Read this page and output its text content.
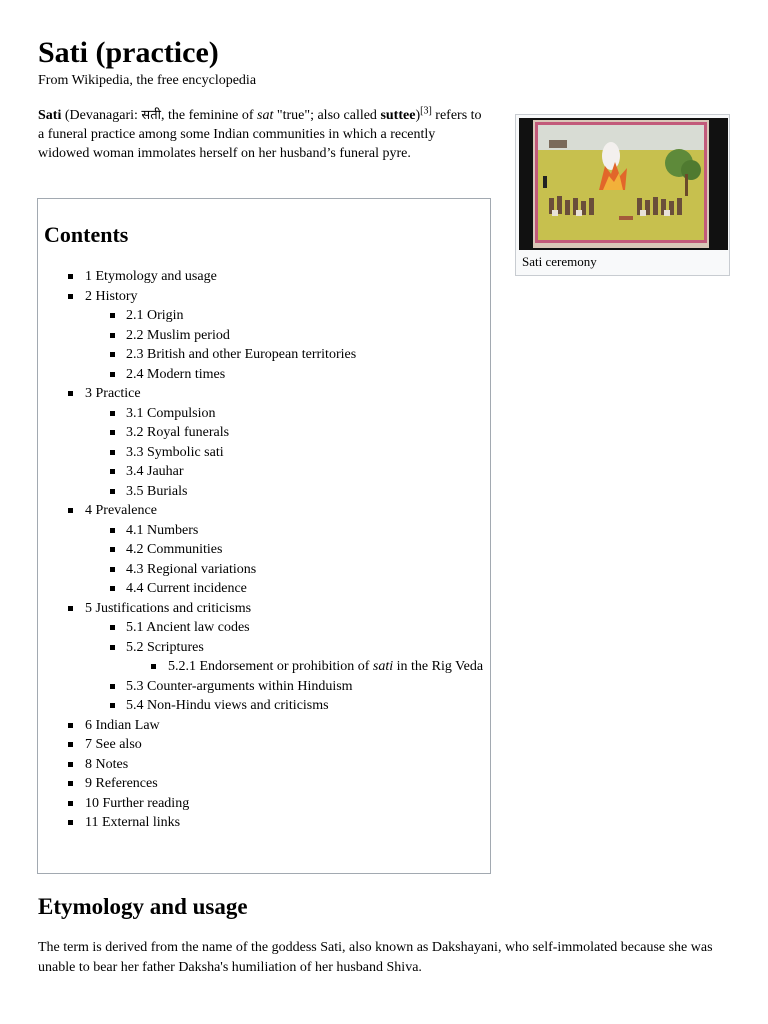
Sati (practice)
From Wikipedia, the free encyclopedia
Sati (Devanagari: सती, the feminine of sat "true"; also called suttee)[3] refers to a funeral practice among some Indian communities in which a recently widowed woman immolates herself on her husband’s funeral pyre.
Sati ceremony
Contents
1 Etymology and usage
2 History
2.1 Origin
2.2 Muslim period
2.3 British and other European territories
2.4 Modern times
3 Practice
3.1 Compulsion
3.2 Royal funerals
3.3 Symbolic sati
3.4 Jauhar
3.5 Burials
4 Prevalence
4.1 Numbers
4.2 Communities
4.3 Regional variations
4.4 Current incidence
5 Justifications and criticisms
5.1 Ancient law codes
5.2 Scriptures
5.2.1 Endorsement or prohibition of sati in the Rig Veda
5.3 Counter-arguments within Hinduism
5.4 Non-Hindu views and criticisms
6 Indian Law
7 See also
8 Notes
9 References
10 Further reading
11 External links
Etymology and usage
The term is derived from the name of the goddess Sati, also known as Dakshayani, who self-immolated because she was unable to bear her father Daksha's humiliation of her husband Shiva.
